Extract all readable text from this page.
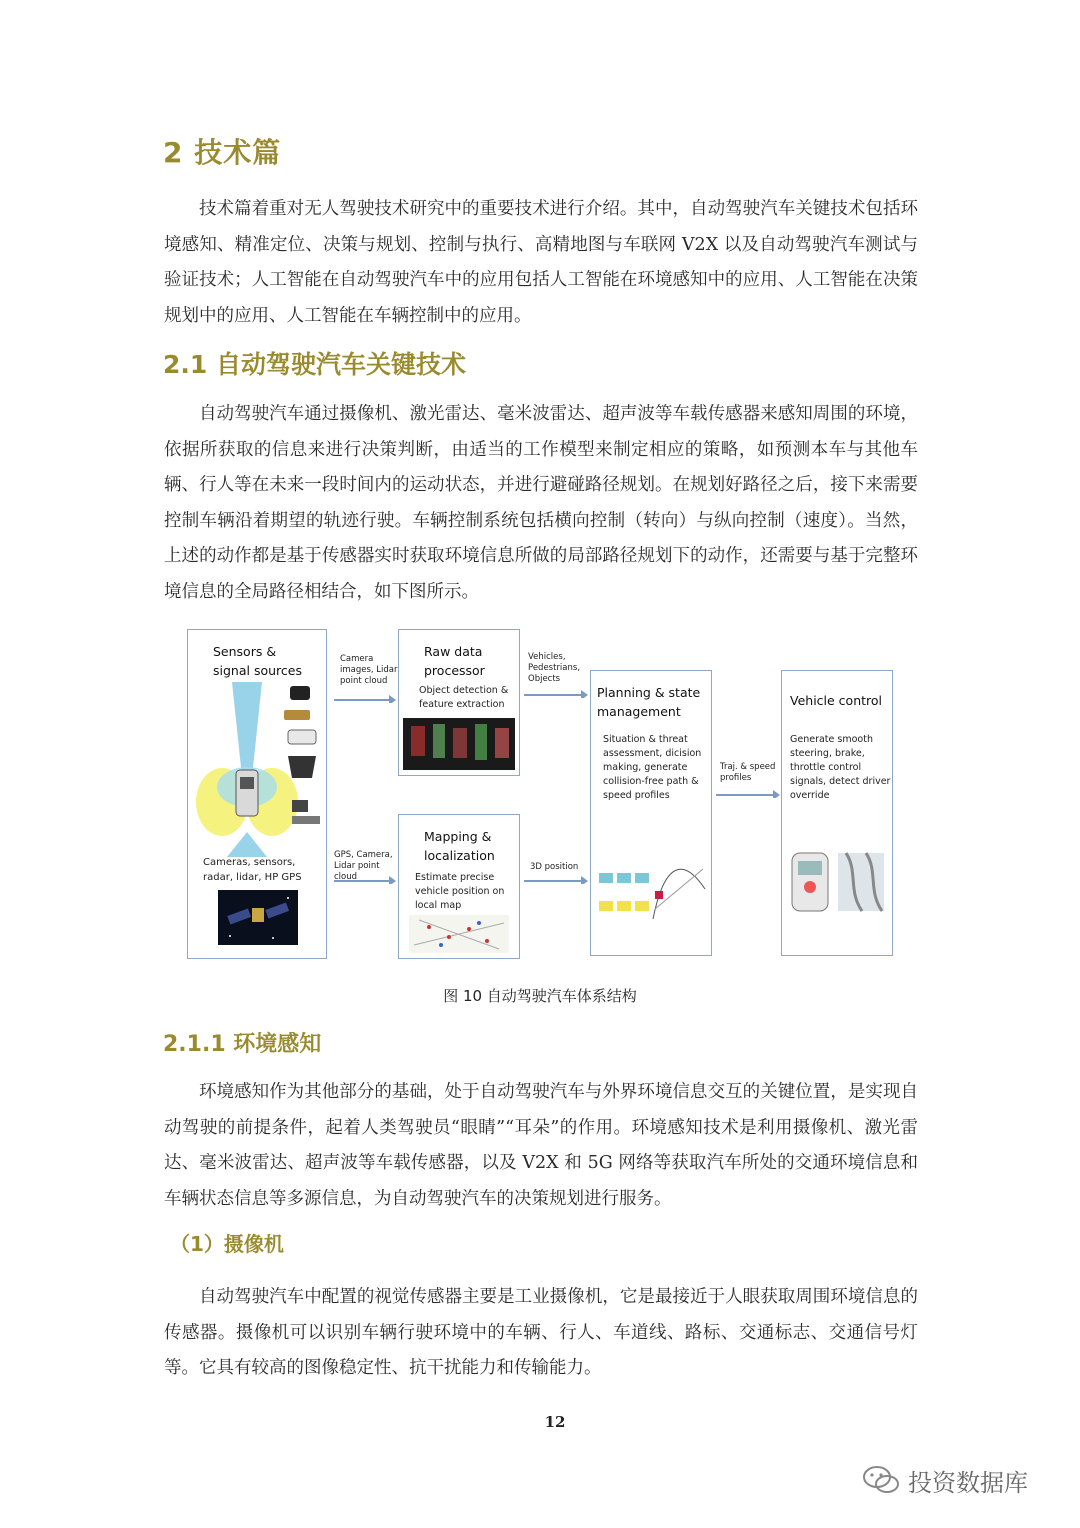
2 技术篇

技术篇着重对无人驾驶技术研究中的重要技术进行介绍。其中，自动驾驶汽车关键技术包括环境感知、精准定位、决策与规划、控制与执行、高精地图与车联网 V2X 以及自动驾驶汽车测试与验证技术；人工智能在自动驾驶汽车中的应用包括人工智能在环境感知中的应用、人工智能在决策规划中的应用、人工智能在车辆控制中的应用。

2.1 自动驾驶汽车关键技术

自动驾驶汽车通过摄像机、激光雷达、毫米波雷达、超声波等车载传感器来感知周围的环境，依据所获取的信息来进行决策判断，由适当的工作模型来制定相应的策略，如预测本车与其他车辆、行人等在未来一段时间内的运动状态，并进行避碰路径规划。在规划好路径之后，接下来需要控制车辆沿着期望的轨迹行驶。车辆控制系统包括横向控制（转向）与纵向控制（速度）。当然，上述的动作都是基于传感器实时获取环境信息所做的局部路径规划下的动作，还需要与基于完整环境信息的全局路径相结合，如下图所示。

Sensors & signal sources
Cameras, sensors, radar, lidar, HP GPS
Camera images, Lidar point cloud
GPS, Camera, Lidar point cloud
Raw data processor
Object detection & feature extraction
Mapping & localization
Estimate precise vehicle position on local map
Vehicles, Pedestrians, Objects
3D position
Planning & state management
Situation & threat assessment, dicision making, generate collision-free path & speed profiles
Traj. & speed profiles
Vehicle control
Generate smooth steering, brake, throttle control signals, detect driver override
图 10 自动驾驶汽车体系结构
2.1.1 环境感知

环境感知作为其他部分的基础，处于自动驾驶汽车与外界环境信息交互的关键位置，是实现自动驾驶的前提条件，起着人类驾驶员“眼睛”“耳朵”的作用。环境感知技术是利用摄像机、激光雷达、毫米波雷达、超声波等车载传感器，以及 V2X 和 5G 网络等获取汽车所处的交通环境信息和车辆状态信息等多源信息，为自动驾驶汽车的决策规划进行服务。

（1）摄像机

自动驾驶汽车中配置的视觉传感器主要是工业摄像机，它是最接近于人眼获取周围环境信息的传感器。摄像机可以识别车辆行驶环境中的车辆、行人、车道线、路标、交通标志、交通信号灯等。它具有较高的图像稳定性、抗干扰能力和传输能力。

12
投资数据库
